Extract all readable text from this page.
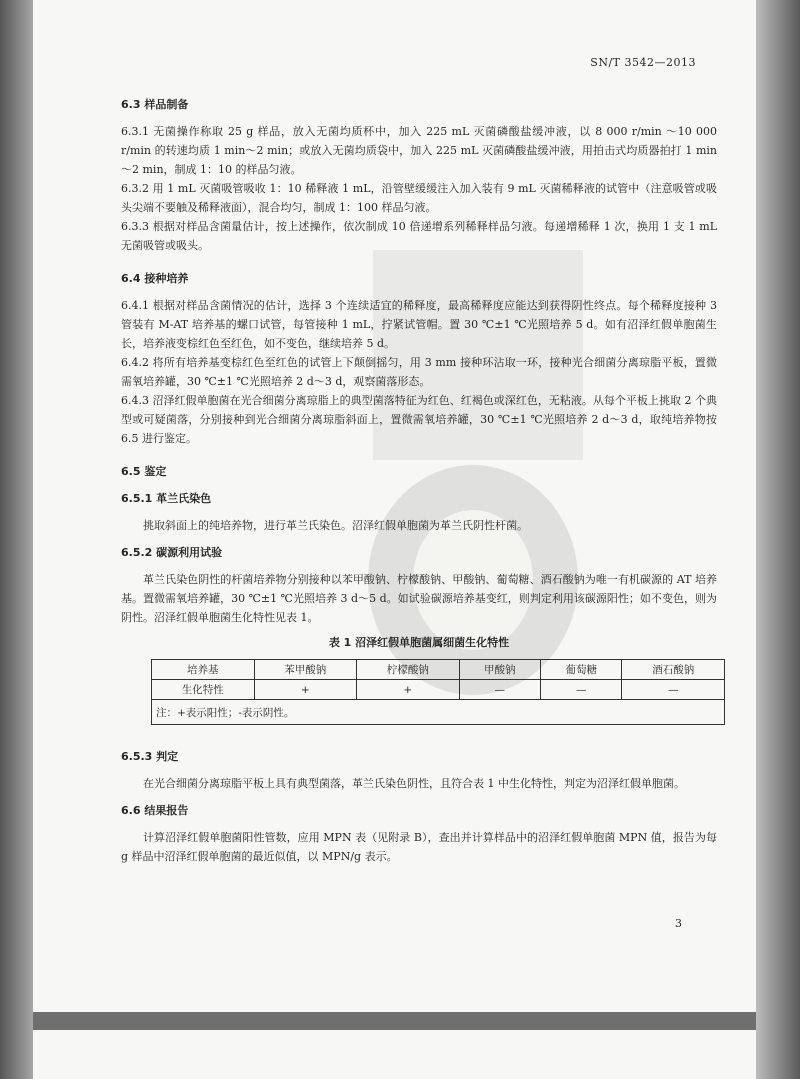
SN/T 3542—2013

6.3 样品制备

6.3.1 无菌操作称取 25 g 样品，放入无菌均质杯中，加入 225 mL 灭菌磷酸盐缓冲液，以 8 000 r/min ～10 000 r/min 的转速均质 1 min～2 min；或放入无菌均质袋中，加入 225 mL 灭菌磷酸盐缓冲液，用拍击式均质器拍打 1 min～2 min，制成 1：10 的样品匀液。

6.3.2 用 1 mL 灭菌吸管吸收 1：10 稀释液 1 mL，沿管壁缓缓注入加入装有 9 mL 灭菌稀释液的试管中（注意吸管或吸头尖端不要触及稀释液面），混合均匀，制成 1：100 样品匀液。

6.3.3 根据对样品含菌量估计，按上述操作，依次制成 10 倍递增系列稀释样品匀液。每递增稀释 1 次，换用 1 支 1 mL 无菌吸管或吸头。

6.4 接种培养

6.4.1 根据对样品含菌情况的估计，选择 3 个连续适宜的稀释度，最高稀释度应能达到获得阴性终点。每个稀释度接种 3 管装有 M-AT 培养基的螺口试管，每管接种 1 mL，拧紧试管帽。置 30 ℃±1 ℃光照培养 5 d。如有沼泽红假单胞菌生长，培养液变棕红色至红色，如不变色，继续培养 5 d。

6.4.2 将所有培养基变棕红色至红色的试管上下颠倒摇匀，用 3 mm 接种环沾取一环，接种光合细菌分离琼脂平板，置微需氧培养罐，30 ℃±1 ℃光照培养 2 d～3 d，观察菌落形态。

6.4.3 沼泽红假单胞菌在光合细菌分离琼脂上的典型菌落特征为红色、红褐色或深红色，无粘液。从每个平板上挑取 2 个典型或可疑菌落，分别接种到光合细菌分离琼脂斜面上，置微需氧培养罐，30 ℃±1 ℃光照培养 2 d～3 d，取纯培养物按 6.5 进行鉴定。

6.5 鉴定

6.5.1 革兰氏染色

挑取斜面上的纯培养物，进行革兰氏染色。沼泽红假单胞菌为革兰氏阴性杆菌。

6.5.2 碳源利用试验

革兰氏染色阴性的杆菌培养物分别接种以苯甲酸钠、柠檬酸钠、甲酸钠、葡萄糖、酒石酸钠为唯一有机碳源的 AT 培养基。置微需氧培养罐，30 ℃±1 ℃光照培养 3 d～5 d。如试验碳源培养基变红，则判定利用该碳源阳性；如不变色，则为阴性。沼泽红假单胞菌生化特性见表 1。

表 1 沼泽红假单胞菌属细菌生化特性

培养基	苯甲酸钠	柠檬酸钠	甲酸钠	葡萄糖	酒石酸钠
生化特性	+	+	—	—	—
注：+表示阳性；-表示阴性。					

6.5.3 判定

在光合细菌分离琼脂平板上具有典型菌落，革兰氏染色阴性，且符合表 1 中生化特性，判定为沼泽红假单胞菌。

6.6 结果报告

计算沼泽红假单胞菌阳性管数，应用 MPN 表（见附录 B），查出并计算样品中的沼泽红假单胞菌 MPN 值，报告为每 g 样品中沼泽红假单胞菌的最近似值，以 MPN/g 表示。

3
